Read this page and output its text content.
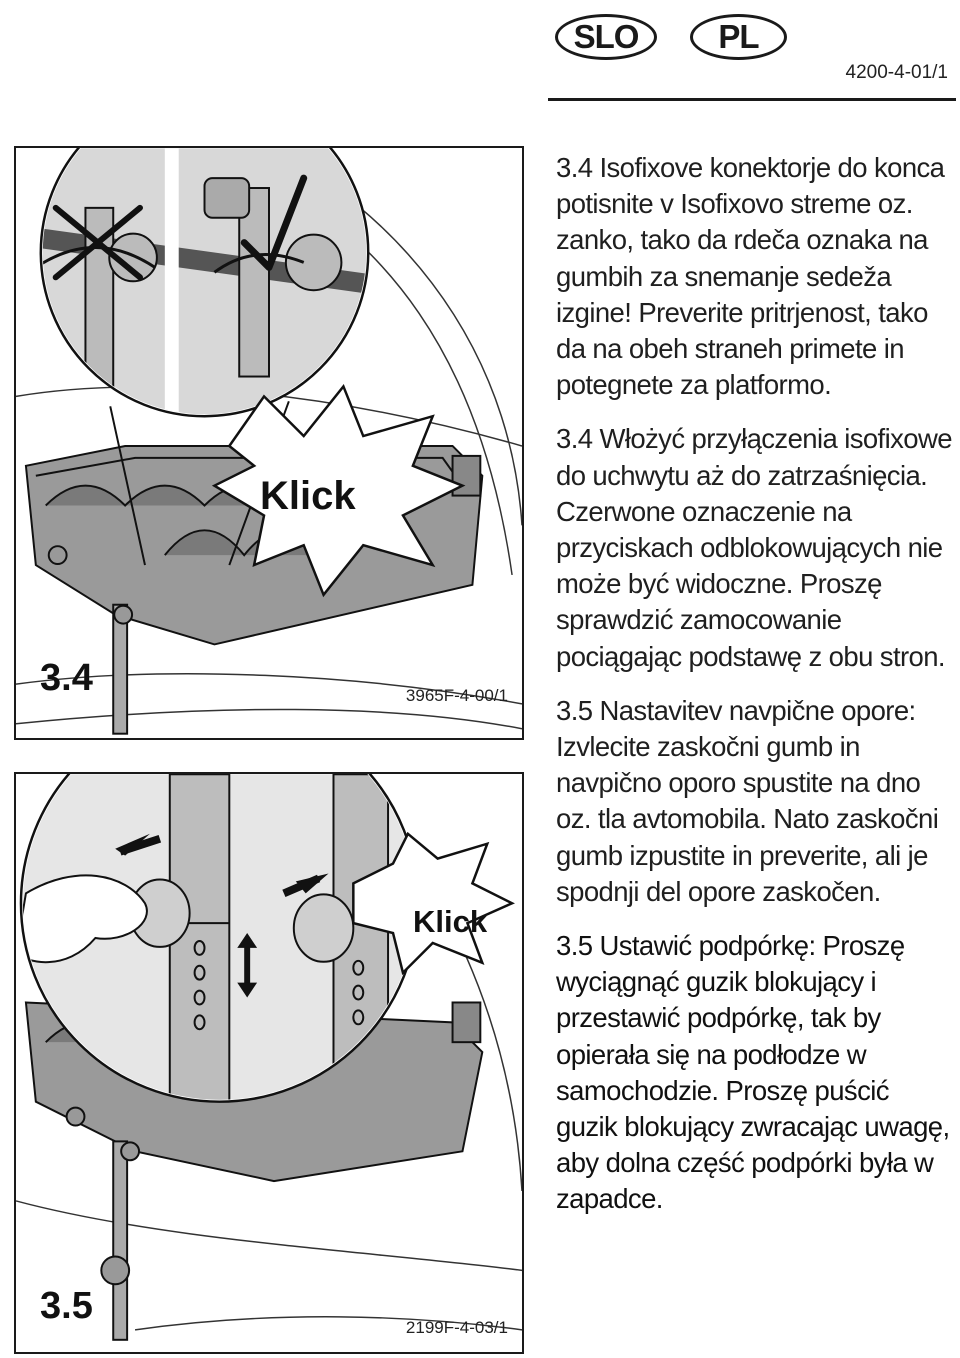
SLO	PL
4200-4-01/1
Klick
3.4	3965F-4-00/1
Klick
3.5
2199F-4-03/1

3.4 Isofixove konektorje do konca potisnite v Isofixovo streme oz. zanko, tako da rdeča oznaka na gumbih za snemanje sedeža izgine! Preverite pritrjenost, tako da na obeh straneh primete in potegnete za platformo.

3.4 Włożyć przyłączenia isofixowe do uchwytu aż do zatrzaśnięcia. Czerwone oznaczenie na przyciskach odblokowujących nie może być widoczne. Proszę sprawdzić zamocowanie pociągając podstawę z obu stron.

3.5 Nastavitev navpične opore: Izvlecite zaskočni gumb in navpično oporo spustite na dno oz. tla avtomobila. Nato zaskočni gumb izpustite in preverite, ali je spodnji del opore zaskočen.

3.5 Ustawić podpórkę: Proszę wyciągnąć guzik blokujący i przestawić podpórkę, tak by opierała się na podłodze w samochodzie. Proszę puścić guzik blokujący zwracając uwagę, aby dolna część podpórki była w zapadce.
